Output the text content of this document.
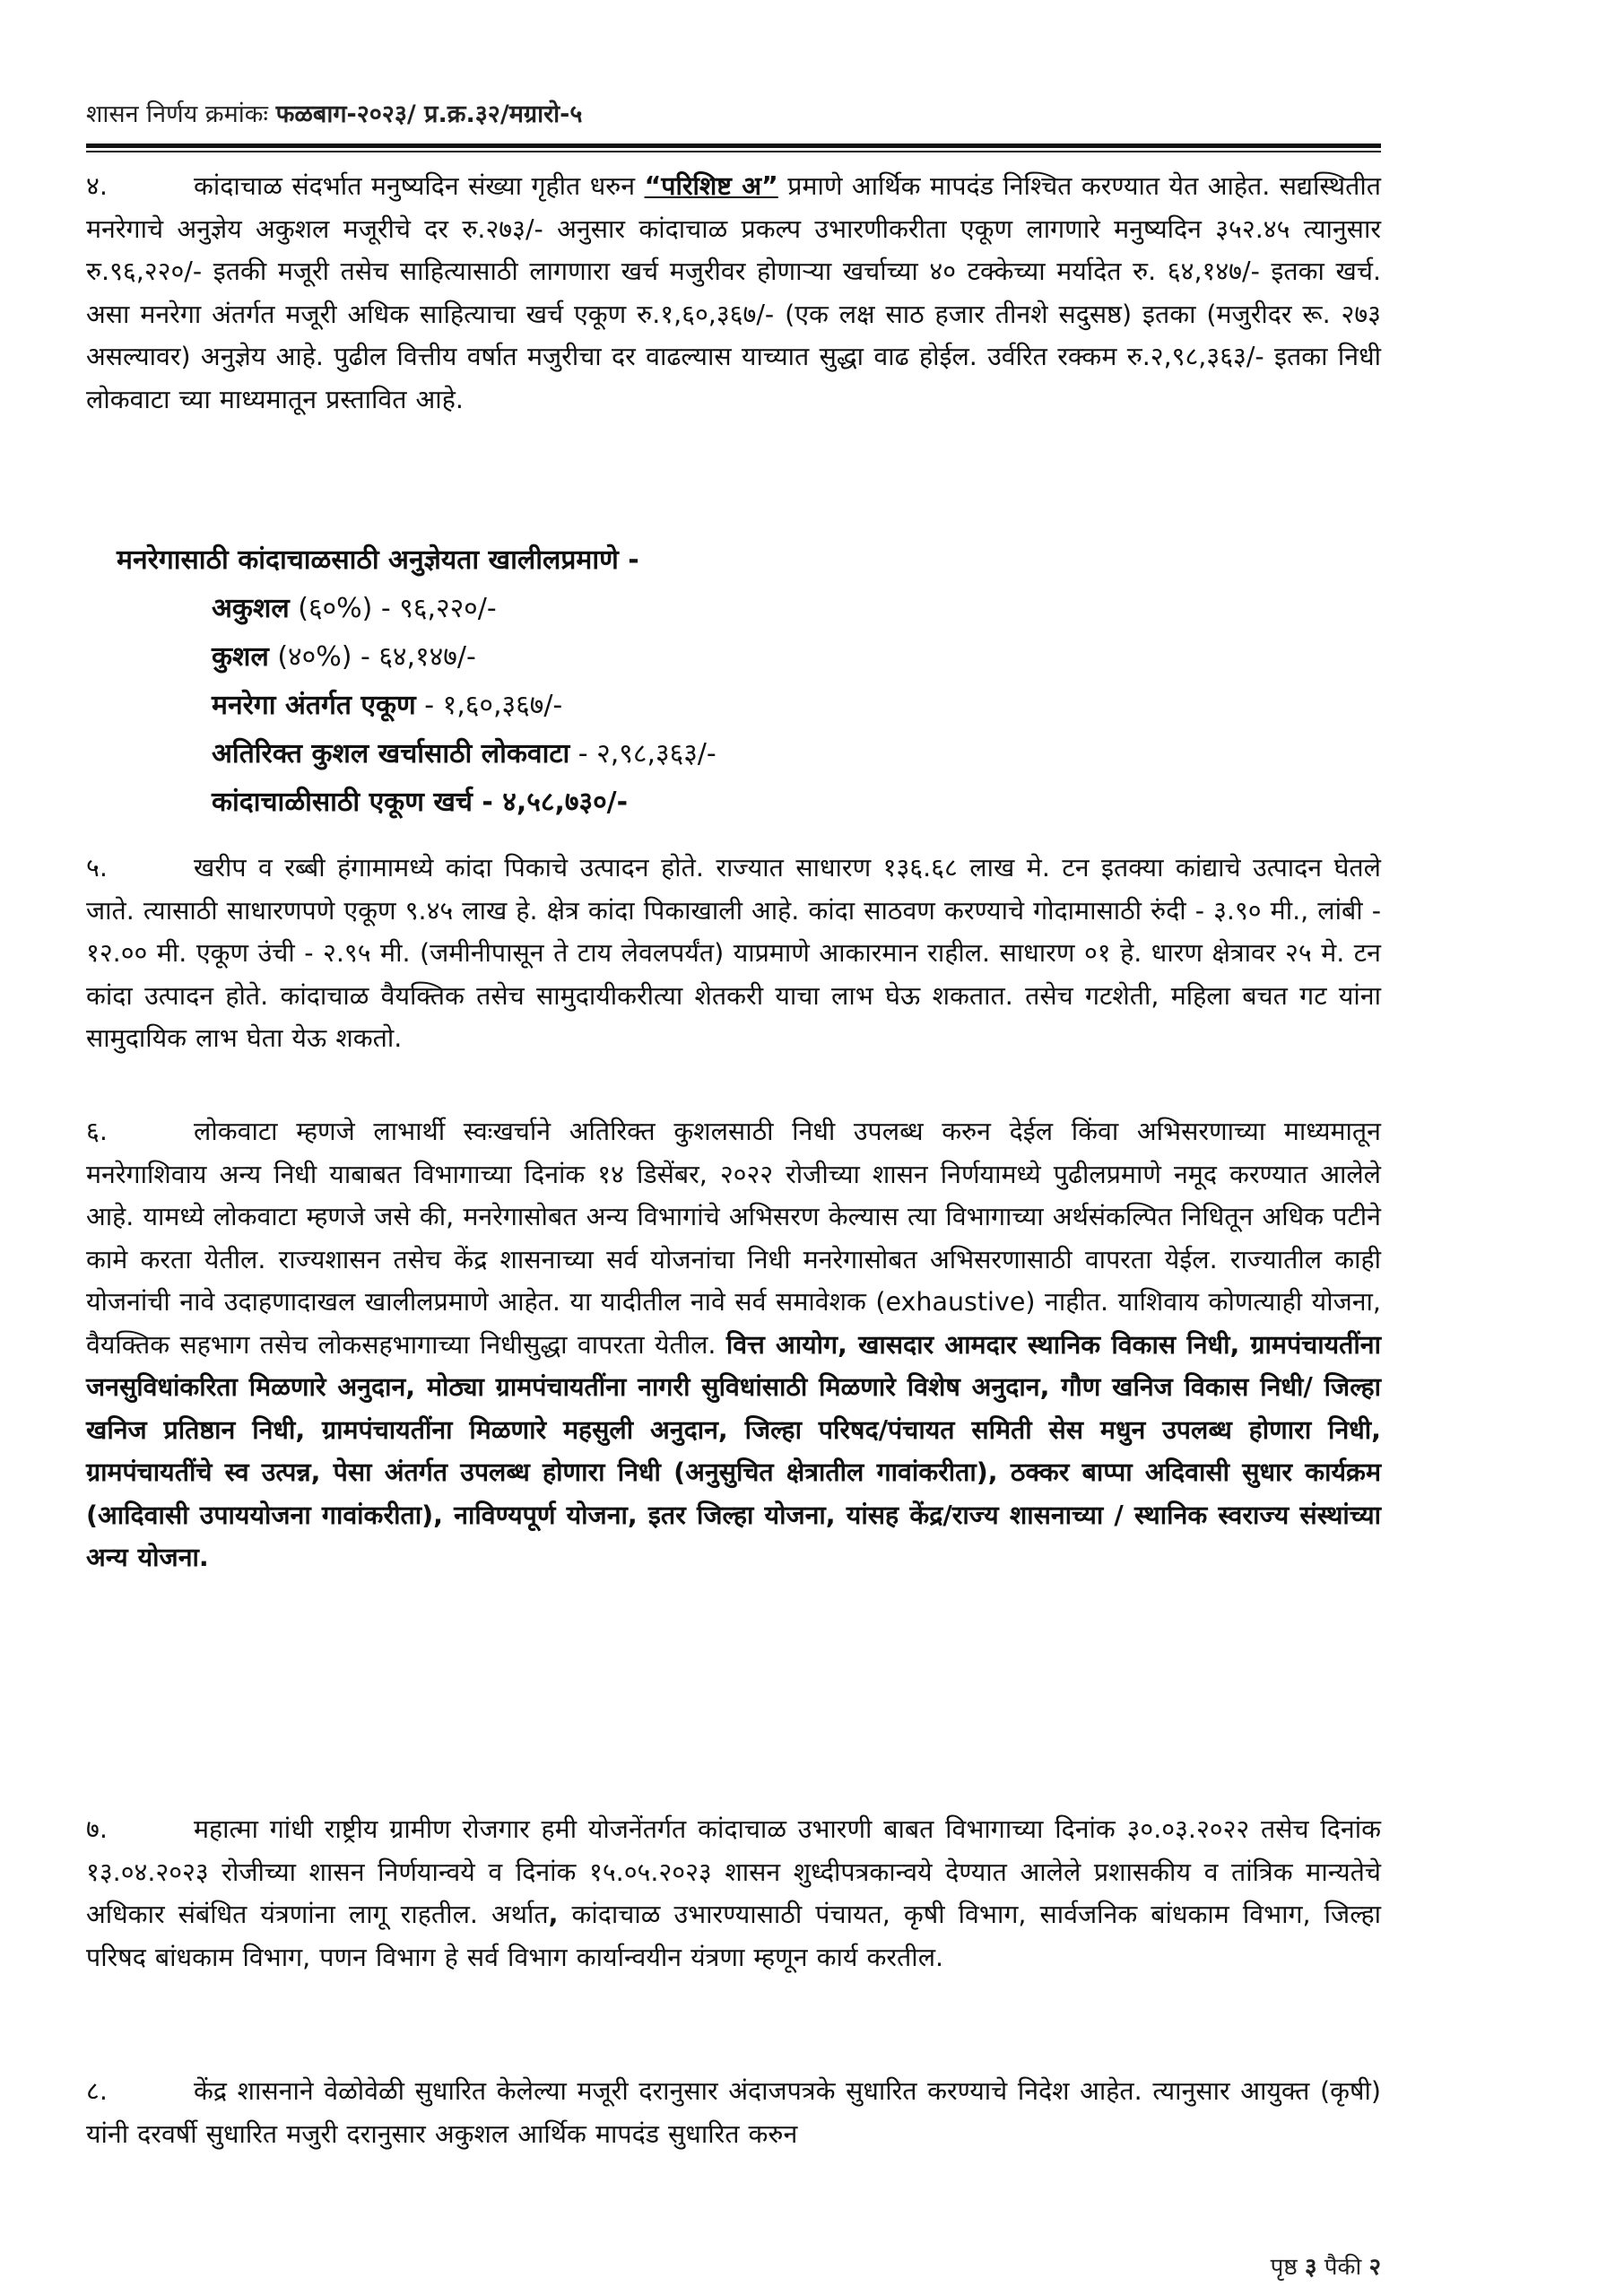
शासन निर्णय क्रमांकः फळबाग-२०२३/ प्र.क्र.३२/मग्रारो-५
४.	कांदाचाळ संदर्भात मनुष्यदिन संख्या गृहीत धरुन “परिशिष्ट अ” प्रमाणे आर्थिक मापदंड निश्चित करण्यात येत आहेत. सद्यस्थितीत मनरेगाचे अनुज्ञेय अकुशल मजूरीचे दर रु.२७३/- अनुसार कांदाचाळ प्रकल्प उभारणीकरीता एकूण लागणारे मनुष्यदिन ३५२.४५ त्यानुसार रु.९६,२२०/- इतकी मजूरी तसेच साहित्यासाठी लागणारा खर्च मजुरीवर होणाऱ्या खर्चाच्या ४० टक्केच्या मर्यादेत रु. ६४,१४७/- इतका खर्च. असा मनरेगा अंतर्गत मजूरी अधिक साहित्याचा खर्च एकूण रु.१,६०,३६७/- (एक लक्ष साठ हजार तीनशे सदुसष्ठ) इतका (मजुरीदर रू. २७३ असल्यावर) अनुज्ञेय आहे. पुढील वित्तीय वर्षात मजुरीचा दर वाढल्यास याच्यात सुद्धा वाढ होईल. उर्वरित रक्कम रु.२,९८,३६३/- इतका निधी लोकवाटा च्या माध्यमातून प्रस्तावित आहे.
मनरेगासाठी कांदाचाळसाठी अनुज्ञेयता खालीलप्रमाणे -
अकुशल (६०%) - ९६,२२०/-
कुशल (४०%) - ६४,१४७/-
मनरेगा अंतर्गत एकूण - १,६०,३६७/-
अतिरिक्त कुशल खर्चासाठी लोकवाटा - २,९८,३६३/-
कांदाचाळीसाठी एकूण खर्च - ४,५८,७३०/-
५.	खरीप व रब्बी हंगामामध्ये कांदा पिकाचे उत्पादन होते. राज्यात साधारण १३६.६८ लाख मे. टन इतक्या कांद्याचे उत्पादन घेतले जाते. त्यासाठी साधारणपणे एकूण ९.४५ लाख हे. क्षेत्र कांदा पिकाखाली आहे. कांदा साठवण करण्याचे गोदामासाठी रुंदी - ३.९० मी., लांबी - १२.०० मी. एकूण उंची - २.९५ मी. (जमीनीपासून ते टाय लेवलपर्यंत) याप्रमाणे आकारमान राहील. साधारण ०१ हे. धारण क्षेत्रावर २५ मे. टन कांदा उत्पादन होते. कांदाचाळ वैयक्तिक तसेच सामुदायीकरीत्या शेतकरी याचा लाभ घेऊ शकतात. तसेच गटशेती, महिला बचत गट यांना सामुदायिक लाभ घेता येऊ शकतो.
६.	लोकवाटा म्हणजे लाभार्थी स्वःखर्चाने अतिरिक्त कुशलसाठी निधी उपलब्ध करुन देईल किंवा अभिसरणाच्या माध्यमातून मनरेगाशिवाय अन्य निधी याबाबत विभागाच्या दिनांक १४ डिसेंबर, २०२२ रोजीच्या शासन निर्णयामध्ये पुढीलप्रमाणे नमूद करण्यात आलेले आहे. यामध्ये लोकवाटा म्हणजे जसे की, मनरेगासोबत अन्य विभागांचे अभिसरण केल्यास त्या विभागाच्या अर्थसंकल्पित निधितून अधिक पटीने कामे करता येतील. राज्यशासन तसेच केंद्र शासनाच्या सर्व योजनांचा निधी मनरेगासोबत अभिसरणासाठी वापरता येईल. राज्यातील काही योजनांची नावे उदाहणादाखल खालीलप्रमाणे आहेत. या यादीतील नावे सर्व समावेशक (exhaustive) नाहीत. याशिवाय कोणत्याही योजना, वैयक्तिक सहभाग तसेच लोकसहभागाच्या निधीसुद्धा वापरता येतील. वित्त आयोग, खासदार आमदार स्थानिक विकास निधी, ग्रामपंचायतींना जनसुविधांकरिता मिळणारे अनुदान, मोठ्या ग्रामपंचायतींना नागरी सुविधांसाठी मिळणारे विशेष अनुदान, गौण खनिज विकास निधी/ जिल्हा खनिज प्रतिष्ठान निधी, ग्रामपंचायतींना मिळणारे महसुली अनुदान, जिल्हा परिषद/पंचायत समिती सेस मधुन उपलब्ध होणारा निधी, ग्रामपंचायतींचे स्व उत्पन्न, पेसा अंतर्गत उपलब्ध होणारा निधी (अनुसुचित क्षेत्रातील गावांकरीता), ठक्कर बाप्पा अदिवासी सुधार कार्यक्रम (आदिवासी उपाययोजना गावांकरीता), नाविण्यपूर्ण योजना, इतर जिल्हा योजना, यांसह केंद्र/राज्य शासनाच्या / स्थानिक स्वराज्य संस्थांच्या अन्य योजना.
७.	महात्मा गांधी राष्ट्रीय ग्रामीण रोजगार हमी योजनेंतर्गत कांदाचाळ उभारणी बाबत विभागाच्या दिनांक ३०.०३.२०२२ तसेच दिनांक १३.०४.२०२३ रोजीच्या शासन निर्णयान्वये व दिनांक १५.०५.२०२३ शासन शुध्दीपत्रकान्वये देण्यात आलेले प्रशासकीय व तांत्रिक मान्यतेचे अधिकार संबंधित यंत्रणांना लागू राहतील. अर्थात, कांदाचाळ उभारण्यासाठी पंचायत, कृषी विभाग, सार्वजनिक बांधकाम विभाग, जिल्हा परिषद बांधकाम विभाग, पणन विभाग हे सर्व विभाग कार्यान्वयीन यंत्रणा म्हणून कार्य करतील.
८.	केंद्र शासनाने वेळोवेळी सुधारित केलेल्या मजूरी दरानुसार अंदाजपत्रके सुधारित करण्याचे निदेश आहेत. त्यानुसार आयुक्त (कृषी) यांनी दरवर्षी सुधारित मजुरी दरानुसार अकुशल आर्थिक मापदंड सुधारित करुन
पृष्ठ ३ पैकी २
